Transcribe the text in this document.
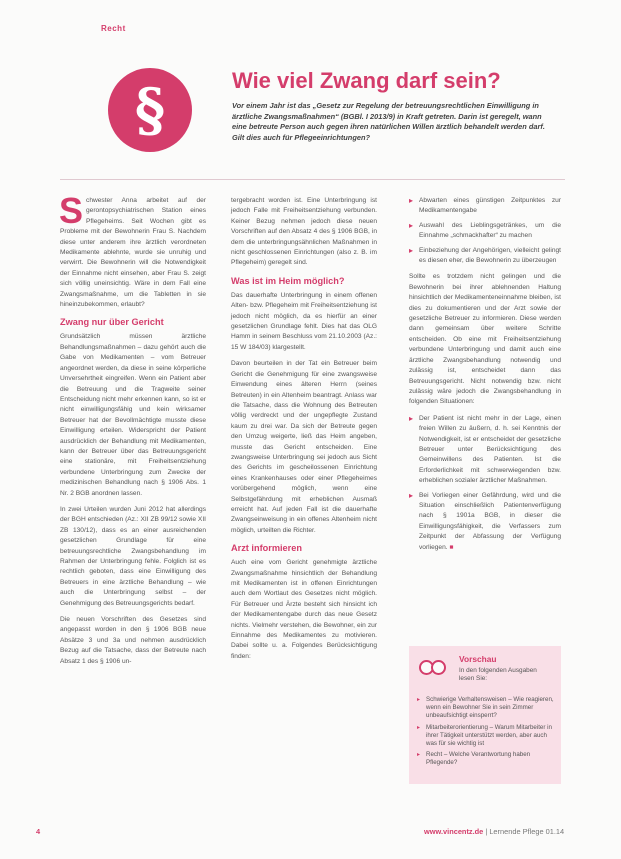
Recht
§	Wie viel Zwang darf sein?
Vor einem Jahr ist das „Gesetz zur Regelung der betreuungsrechtlichen Einwilligung in ärztliche Zwangsmaßnahmen“ (BGBl. I 2013/9) in Kraft getreten. Darin ist geregelt, wann eine betreute Person auch gegen ihren natürlichen Willen ärztlich behandelt werden darf. Gilt dies auch für Pflegeeinrichtungen?

Schwester Anna arbeitet auf der gerontopsychiatrischen Station eines Pflegeheims. Seit Wochen gibt es Probleme mit der Bewohnerin Frau S. Nachdem diese unter anderem ihre ärztlich verordneten Medikamente ablehnte, wurde sie unruhig und verwirrt. Die Bewohnerin will die Notwendigkeit der Einnahme nicht einsehen, aber Frau S. zeigt sich völlig uneinsichtig. Wäre in dem Fall eine Zwangsmaßnahme, um die Tabletten in sie hineinzubekommen, erlaubt?

Zwang nur über Gericht

Grundsätzlich müssen ärztliche Behandlungsmaßnahmen – dazu gehört auch die Gabe von Medikamenten – vom Betreuer angeordnet werden, da diese in seine körperliche Unversehrtheit eingreifen. Wenn ein Patient aber die Betreuung und die Tragweite seiner Entscheidung nicht mehr erkennen kann, so ist er nicht einwilligungsfähig und kein wirksamer Betreuer hat der Bevollmächtigte musste diese Einwilligung erteilen. Widerspricht der Patient ausdrücklich der Behandlung mit Medikamenten, kann der Betreuer über das Betreuungsgericht eine stationäre, mit Freiheitsentziehung verbundene Unterbringung zum Zwecke der medizinischen Behandlung nach § 1906 Abs. 1 Nr. 2 BGB anordnen lassen.

In zwei Urteilen wurden Juni 2012 hat allerdings der BGH entschieden (Az.: XII ZB 99/12 sowie XII ZB 130/12), dass es an einer ausreichenden gesetzlichen Grundlage für eine betreuungsrechtliche Zwangsbehandlung im Rahmen der Unterbringung fehle. Folglich ist es rechtlich geboten, dass eine Einwilligung des Betreuers in eine ärztliche Behandlung – wie auch die Unterbringung selbst – der Genehmigung des Betreuungsgerichts bedarf.

Die neuen Vorschriften des Gesetzes sind angepasst worden in den § 1906 BGB neue Absätze 3 und 3a und nehmen ausdrücklich Bezug auf die Tatsache, dass der Betreute nach Absatz 1 des § 1906 un-

tergebracht worden ist. Eine Unterbringung ist jedoch Falle mit Freiheitsentziehung verbunden. Keiner Bezug nehmen jedoch diese neuen Vorschriften auf den Absatz 4 des § 1906 BGB, in dem die unterbringungsähnlichen Maßnahmen in nicht geschlossenen Einrichtungen (also z. B. im Pflegeheim) geregelt sind.

Was ist im Heim möglich?

Das dauerhafte Unterbringung in einem offenen Alten- bzw. Pflegeheim mit Freiheitsentziehung ist jedoch nicht möglich, da es hierfür an einer gesetzlichen Grundlage fehlt. Dies hat das OLG Hamm in seinem Beschluss vom 21.10.2003 (Az.: 15 W 184/03) klargestellt.

Davon beurteilen in der Tat ein Betreuer beim Gericht die Genehmigung für eine zwangsweise Einwendung eines älteren Herrn (seines Betreuten) in ein Altenheim beantragt. Anlass war die Tatsache, dass die Wohnung des Betreuten völlig verdreckt und der ungepflegte Zustand kaum zu drei war. Da sich der Betreute gegen den Umzug weigerte, ließ das Heim angeben, musste das Gericht entscheiden. Eine zwangsweise Unterbringung sei jedoch aus Sicht des Gerichts im gescheilossenen Einrichtung eines Krankenhauses oder einer Pflegeheimes vorübergehend möglich, wenn eine Selbstgefährdung mit erheblichen Ausmaß erreicht hat. Auf jeden Fall ist die dauerhafte Zwangseinweisung in ein offenes Altenheim nicht möglich, urteilten die Richter.

Arzt informieren

Auch eine vom Gericht genehmigte ärztliche Zwangsmaßnahme hinsichtlich der Behandlung mit Medikamenten ist in offenen Einrichtungen auch dem Wortlaut des Gesetzes nicht möglich. Für Betreuer und Ärzte besteht sich hinsicht ich der Medikamentengabe durch das neue Gesetz nichts. Vielmehr verstehen, die Bewohner, ein zur Einnahme des Medikamentes zu motivieren. Dabei sollte u. a. Folgendes Berücksichtigung finden:

▸ Abwarten eines günstigen Zeitpunktes zur Medikamentengabe
▸ Auswahl des Lieblingsgetränkes, um die Einnahme „schmackhafter“ zu machen
▸ Einbeziehung der Angehörigen, vielleicht gelingt es diesen eher, die Bewohnerin zu überzeugen

Sollte es trotzdem nicht gelingen und die Bewohnerin bei ihrer ablehnenden Haltung hinsichtlich der Medikamenteneinnahme bleiben, ist dies zu dokumentieren und der Arzt sowie der gesetzliche Betreuer zu informieren. Diese werden dann gemeinsam über weitere Schritte entscheiden. Ob eine mit Freiheitsentziehung verbundene Unterbringung und damit auch eine ärztliche Zwangsbehandlung notwendig und zulässig ist, entscheidet dann das Betreuungsgericht. Nicht notwendig bzw. nicht zulässig wäre jedoch die Zwangsbehandlung in folgenden Situationen:

▸ Der Patient ist nicht mehr in der Lage, einen freien Willen zu äußern, d. h. sei Kenntnis der Notwendigkeit, ist er entscheidet der gesetzliche Betreuer unter Berücksichtigung des Gemeinwillens des Patienten. Ist die Erforderlichkeit mit schwerwiegenden bzw. erheblichen sozialer ärztlicher Maßnahmen.
▸ Bei Vorliegen einer Gefährdung, wird und die Situation einschließlich Patientenverfügung nach § 1901a BGB, in dieser die Einwilligungsfähigkeit, die Verfassers zum Zeitpunkt der Abfassung der Verfügung vorliegen. ■
Vorschau
In den folgenden Ausgaben lesen Sie:
▸ Schwierige Verhaltensweisen – Wie reagieren, wenn ein Bewohner Sie in sein Zimmer unbeaufsichtigt einsperrt?
▸ Mitarbeiterorientierung – Warum Mitarbeiter in ihrer Tätigkeit unterstützt werden, aber auch was für sie wichtig ist
▸ Recht – Welche Verantwortung haben Pflegende?
4	www.vincentz.de | Lernende Pflege 01.14
